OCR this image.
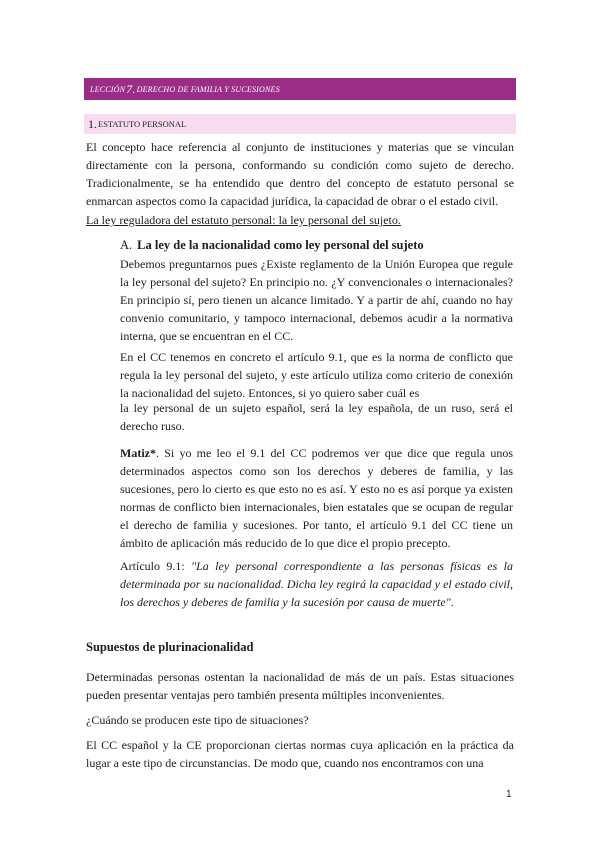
LECCIÓN 7. DERECHO DE FAMILIA Y SUCESIONES
1. ESTATUTO PERSONAL

El concepto hace referencia al conjunto de instituciones y materias que se vinculan directamente con la persona, conformando su condición como sujeto de derecho. Tradicionalmente, se ha entendido que dentro del concepto de estatuto personal se enmarcan aspectos como la capacidad jurídica, la capacidad de obrar o el estado civil.

La ley reguladora del estatuto personal: la ley personal del sujeto.

A. La ley de la nacionalidad como ley personal del sujeto

Debemos preguntarnos pues ¿Existe reglamento de la Unión Europea que regule la ley personal del sujeto? En principio no. ¿Y convencionales o internacionales? En principio sí, pero tienen un alcance limitado. Y a partir de ahí, cuando no hay convenio comunitario, y tampoco internacional, debemos acudir a la normativa interna, que se encuentran en el CC.

En el CC tenemos en concreto el artículo 9.1, que es la norma de conflicto que regula la ley personal del sujeto, y este artículo utiliza como criterio de conexión la nacionalidad del sujeto. Entonces, si yo quiero saber cuál es

la ley personal de un sujeto español, será la ley española, de un ruso, será el derecho ruso.

Matiz*. Si yo me leo el 9.1 del CC podremos ver que dice que regula unos determinados aspectos como son los derechos y deberes de familia, y las sucesiones, pero lo cierto es que esto no es así. Y esto no es así porque ya existen normas de conflicto bien internacionales, bien estatales que se ocupan de regular el derecho de familia y sucesiones. Por tanto, el artículo 9.1 del CC tiene un ámbito de aplicación más reducido de lo que dice el propio precepto.

Artículo 9.1: "La ley personal correspondiente a las personas físicas es la determinada por su nacionalidad. Dicha ley regirá la capacidad y el estado civil, los derechos y deberes de familia y la sucesión por causa de muerte".

Supuestos de plurinacionalidad

Determinadas personas ostentan la nacionalidad de más de un país. Estas situaciones pueden presentar ventajas pero también presenta múltiples inconvenientes.

¿Cuándo se producen este tipo de situaciones?

El CC español y la CE proporcionan ciertas normas cuya aplicación en la práctica da lugar a este tipo de circunstancias. De modo que, cuando nos encontramos con una

1
